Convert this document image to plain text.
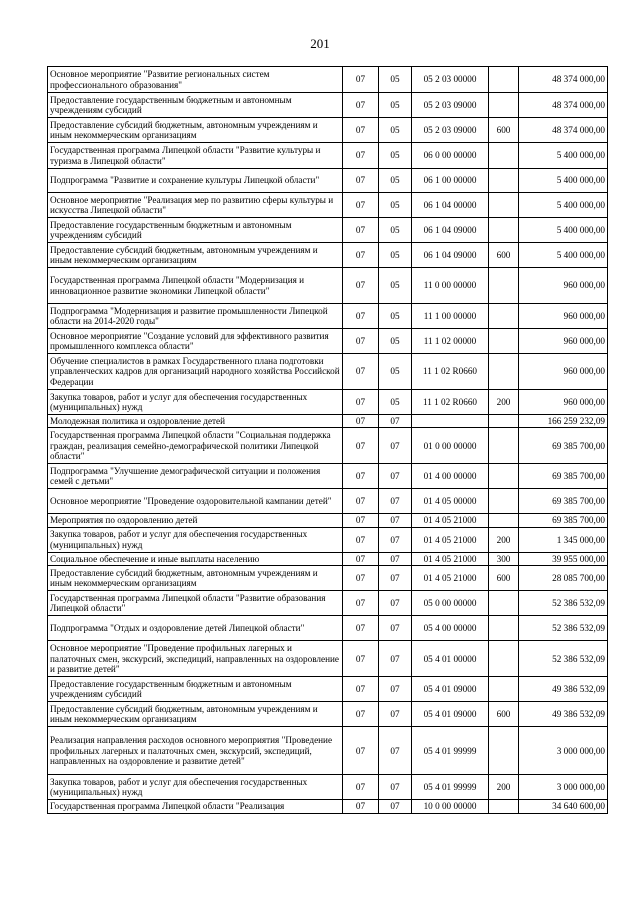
201
Основное мероприятие "Развитие региональных систем профессионального образования"	07	05	05 2 03 00000		48 374 000,00
Предоставление государственным бюджетным и автономным учреждениям субсидий	07	05	05 2 03 09000		48 374 000,00
Предоставление субсидий бюджетным, автономным учреждениям и иным некоммерческим организациям	07	05	05 2 03 09000	600	48 374 000,00
Государственная программа Липецкой области "Развитие культуры и туризма в Липецкой области"	07	05	06 0 00 00000		5 400 000,00
Подпрограмма "Развитие и сохранение культуры Липецкой области"	07	05	06 1 00 00000		5 400 000,00
Основное мероприятие "Реализация мер по развитию сферы культуры и искусства Липецкой области"	07	05	06 1 04 00000		5 400 000,00
Предоставление государственным бюджетным и автономным учреждениям субсидий	07	05	06 1 04 09000		5 400 000,00
Предоставление субсидий бюджетным, автономным учреждениям и иным некоммерческим организациям	07	05	06 1 04 09000	600	5 400 000,00
Государственная программа Липецкой области "Модернизация и инновационное развитие экономики Липецкой области"	07	05	11 0 00 00000		960 000,00
Подпрограмма "Модернизация и развитие промышленности Липецкой области на 2014-2020 годы"	07	05	11 1 00 00000		960 000,00
Основное мероприятие "Создание условий для эффективного развития промышленного комплекса области"	07	05	11 1 02 00000		960 000,00
Обучение специалистов в рамках Государственного плана подготовки управленческих кадров для организаций народного хозяйства Российской Федерации	07	05	11 1 02 R0660		960 000,00
Закупка товаров, работ и услуг для обеспечения государственных (муниципальных) нужд	07	05	11 1 02 R0660	200	960 000,00
Молодежная политика и оздоровление детей	07	07			166 259 232,09
Государственная программа Липецкой области "Социальная поддержка граждан, реализация семейно-демографической политики Липецкой области"	07	07	01 0 00 00000		69 385 700,00
Подпрограмма "Улучшение демографической ситуации и положения семей с детьми"	07	07	01 4 00 00000		69 385 700,00
Основное мероприятие "Проведение оздоровительной кампании детей"	07	07	01 4 05 00000		69 385 700,00
Мероприятия по оздоровлению детей	07	07	01 4 05 21000		69 385 700,00
Закупка товаров, работ и услуг для обеспечения государственных (муниципальных) нужд	07	07	01 4 05 21000	200	1 345 000,00
Социальное обеспечение и иные выплаты населению	07	07	01 4 05 21000	300	39 955 000,00
Предоставление субсидий бюджетным, автономным учреждениям и иным некоммерческим организациям	07	07	01 4 05 21000	600	28 085 700,00
Государственная программа Липецкой области "Развитие образования Липецкой области"	07	07	05 0 00 00000		52 386 532,09
Подпрограмма "Отдых и оздоровление детей Липецкой области"	07	07	05 4 00 00000		52 386 532,09
Основное мероприятие "Проведение профильных лагерных и палаточных смен, экскурсий, экспедиций, направленных на оздоровление и развитие детей"	07	07	05 4 01 00000		52 386 532,09
Предоставление государственным бюджетным и автономным учреждениям субсидий	07	07	05 4 01 09000		49 386 532,09
Предоставление субсидий бюджетным, автономным учреждениям и иным некоммерческим организациям	07	07	05 4 01 09000	600	49 386 532,09
Реализация направления расходов основного мероприятия "Проведение профильных лагерных и палаточных смен, экскурсий, экспедиций, направленных на оздоровление и развитие детей"	07	07	05 4 01 99999		3 000 000,00
Закупка товаров, работ и услуг для обеспечения государственных (муниципальных) нужд	07	07	05 4 01 99999	200	3 000 000,00
Государственная программа Липецкой области "Реализация	07	07	10 0 00 00000		34 640 600,00
